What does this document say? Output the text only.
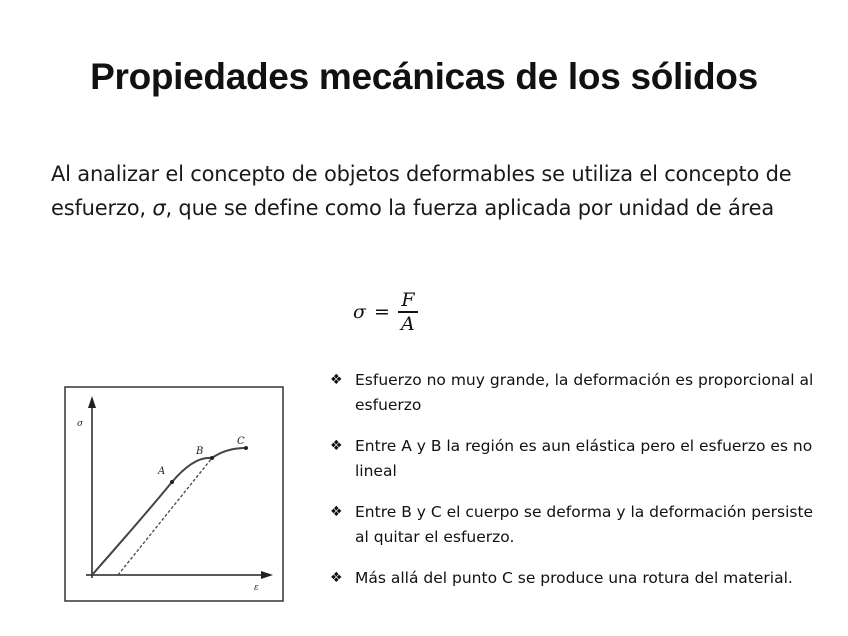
Propiedades mecánicas de los sólidos
Al analizar el concepto de objetos deformables se utiliza el concepto de esfuerzo, σ, que se define como la fuerza aplicada por unidad de área
$\sigma = \frac{F}{A}$
σ
ε
A
B
C
❖ Esfuerzo no muy grande, la deformación es proporcional al esfuerzo
❖ Entre A y B la región es aun elástica pero el esfuerzo es no lineal
❖ Entre B y C el cuerpo se deforma y la deformación persiste al quitar el esfuerzo.
❖ Más allá del punto C se produce una rotura del material.
